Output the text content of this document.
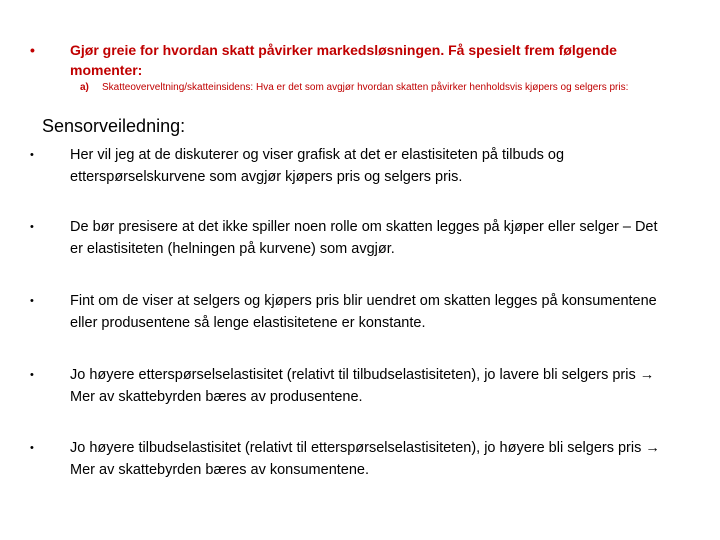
•	Gjør greie for hvordan skatt påvirker markedsløsningen. Få spesielt frem følgende momenter:
a) Skatteoverveltning/skatteinsidens: Hva er det som avgjør hvordan skatten påvirker henholdsvis kjøpers og selgers pris:
Sensorveiledning:
• Her vil jeg at de diskuterer og viser grafisk at det er elastisiteten på tilbuds og etterspørselskurvene som avgjør kjøpers pris og selgers pris.
• De bør presisere at det ikke spiller noen rolle om skatten legges på kjøper eller selger – Det er elastisiteten (helningen på kurvene) som avgjør.
• Fint om de viser at selgers og kjøpers pris blir uendret om skatten legges på konsumentene eller produsentene så lenge elastisitetene er konstante.
• Jo høyere etterspørselselastisitet (relativt til tilbudselastisiteten), jo lavere bli selgers pris → Mer av skattebyrden bæres av produsentene.
• Jo høyere tilbudselastisitet (relativt til etterspørselselastisiteten), jo høyere bli selgers pris → Mer av skattebyrden bæres av konsumentene.
